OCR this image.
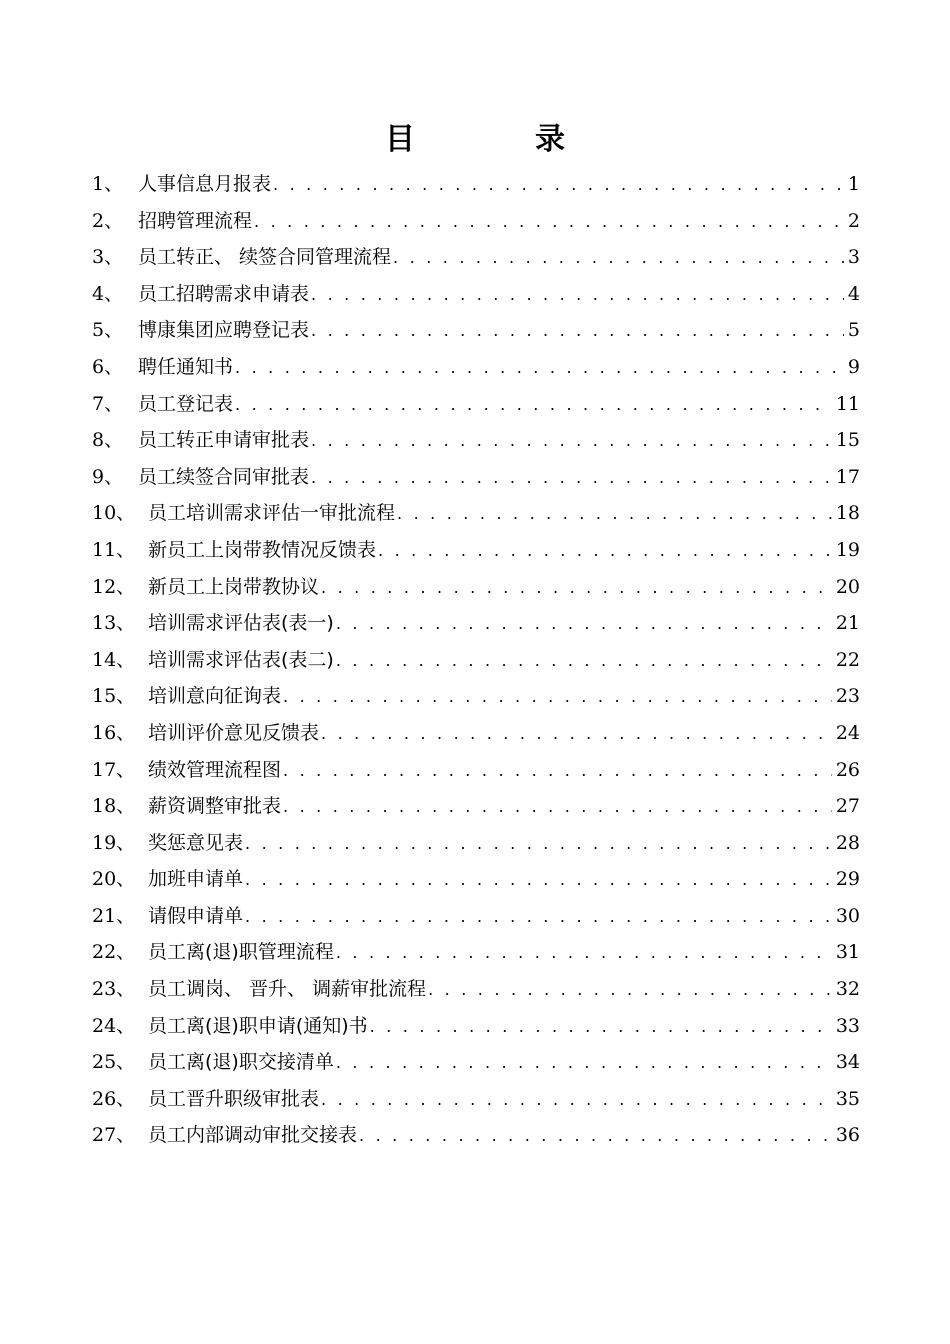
目	录
1、 人事信息月报表 . . .	1
2、 招聘管理流程 . . .	2
3、 员工转正、 续签合同管理流程 . . .	3
4、 员工招聘需求申请表 . . .	4
5、 博康集团应聘登记表 . . .	5
6、 聘任通知书 . . .	9
7、 员工登记表 . . .	11
8、 员工转正申请审批表 . . .	15
9、 员工续签合同审批表 . . .	17
10、 员工培训需求评估一审批流程 . . .	18
11、 新员工上岗带教情况反馈表 . . .	19
12、 新员工上岗带教协议 . . .	20
13、 培训需求评估表(表一) . . .	21
14、 培训需求评估表(表二) . . .	22
15、 培训意向征询表 . . .	23
16、 培训评价意见反馈表 . . .	24
17、 绩效管理流程图 . . .	26
18、 薪资调整审批表 . . .	27
19、 奖惩意见表 . . .	28
20、 加班申请单 . . .	29
21、 请假申请单 . . .	30
22、 员工离(退)职管理流程 . . .	31
23、 员工调岗、 晋升、 调薪审批流程 . . .	32
24、 员工离(退)职申请(通知)书 . . .	33
25、 员工离(退)职交接清单 . . .	34
26、 员工晋升职级审批表 . . .	35
27、 员工内部调动审批交接表 . . .	36
